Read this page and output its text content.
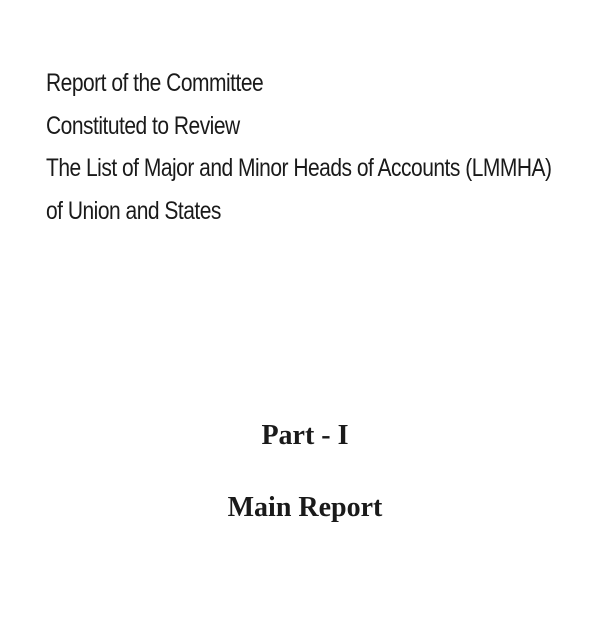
Report of the Committee
Constituted to Review
The List of Major and Minor Heads of Accounts (LMMHA)
of Union and States
Part - I
Main Report
